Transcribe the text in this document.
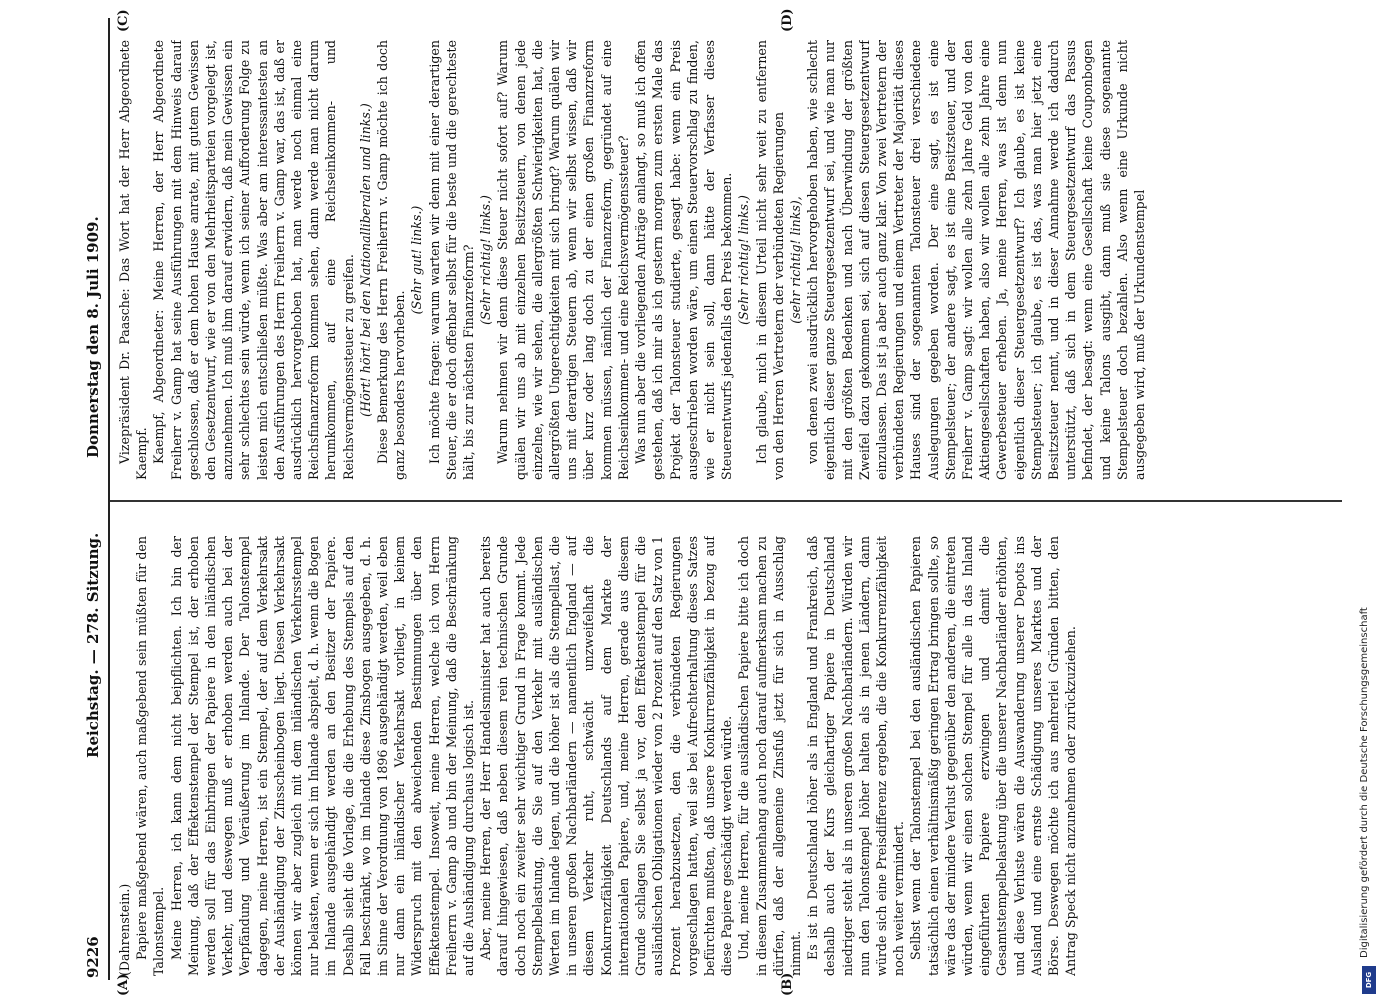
9226
Reichstag. — 278. Sitzung.
Donnerstag den 8. Juli 1909.
(A)	(B)
(C)	(D)

(Dahrenstein.) Papiere maßgebend wären, auch maßgebend sein müßten für den Talonstempel. Meine Herren, ich kann dem nicht beipflichten. Ich bin der Meinung, daß der Effektenstempel der Stempel ist, der erhoben werden soll für das Einbringen der Papiere in den inländischen Verkehr, und deswegen muß er erhoben werden auch bei der Verpfändung und Veräußerung im Inlande. Der Talonstempel dagegen, meine Herren, ist ein Stempel, der auf dem Verkehrsakt der Aushändigung der Zinsscheinbogen liegt. Diesen Verkehrsakt können wir aber zugleich mit dem inländischen Verkehrsstempel nur belasten, wenn er sich im Inlande abspielt, d. h. wenn die Bogen im Inlande ausgehändigt werden an den Besitzer der Papiere. Deshalb sieht die Vorlage, die die Erhebung des Stempels auf den Fall beschränkt, wo im Inlande diese Zinsbogen ausgegeben, d. h. im Sinne der Verordnung von 1896 ausgehändigt werden, weil eben nur dann ein inländischer Verkehrsakt vorliegt, in keinem Widerspruch mit den abweichenden Bestimmungen über den Effektenstempel. Insoweit, meine Herren, welche ich von Herrn Freiherrn v. Gamp ab und bin der Meinung, daß die Beschränkung auf die Aushändigung durchaus logisch ist. Aber, meine Herren, der Herr Handelsminister hat auch bereits darauf hingewiesen, daß neben diesem rein technischen Grunde doch noch ein zweiter sehr wichtiger Grund in Frage kommt. Jede Stempelbelastung, die Sie auf den Verkehr mit ausländischen Werten im Inlande legen, und die höher ist als die Stempellast, die in unseren großen Nachbarländern — namentlich England — auf diesem Verkehr ruht, schwächt unzweifelhaft die Konkurrenzfähigkeit Deutschlands auf dem Markte der internationalen Papiere, und, meine Herren, gerade aus diesem Grunde schlagen Sie selbst ja vor, den Effektenstempel für die ausländischen Obligationen wieder von 2 Prozent auf den Satz von 1 Prozent herabzusetzen, den die verbündeten Regierungen vorgeschlagen hatten, weil sie bei Aufrechterhaltung dieses Satzes befürchten mußten, daß unsere Konkurrenzfähigkeit in bezug auf diese Papiere geschädigt werden würde. Und, meine Herren, für die ausländischen Papiere bitte ich doch in diesem Zusammenhang auch noch darauf aufmerksam machen zu dürfen, daß der allgemeine Zinsfuß jetzt für sich in Ausschlag nimmt. Es ist in Deutschland höher als in England und Frankreich, daß deshalb auch der Kurs gleichartiger Papiere in Deutschland niedriger steht als in unseren großen Nachbarländern. Würden wir nun den Talonstempel höher halten als in jenen Ländern, dann würde sich eine Preisdifferenz ergeben, die die Konkurrenzfähigkeit noch weiter vermindert. Selbst wenn der Talonstempel bei den ausländischen Papieren tatsächlich einen verhältnismäßig geringen Ertrag bringen sollte, so wäre das der mindere Verlust gegenüber den anderen, die eintreten würden, wenn wir einen solchen Stempel für alle in das Inland eingeführten Papiere erzwingen und damit die Gesamtstempelbelastung über die unserer Nachbarländer erhöhten, und diese Verluste wären die Auswanderung unserer Depots ins Ausland und eine ernste Schädigung unseres Marktes und der Börse. Deswegen möchte ich aus mehrerlei Gründen bitten, den Antrag Speck nicht anzunehmen oder zurückzuziehen.

Vizepräsident Dr. Paasche: Das Wort hat der Herr Abgeordnete Kaempf. Kaempf, Abgeordneter: Meine Herren, der Herr Abgeordnete Freiherr v. Gamp hat seine Ausführungen mit dem Hinweis darauf geschlossen, daß er dem hohen Hause anrate, mit gutem Gewissen den Gesetzentwurf, wie er von den Mehrheitsparteien vorgelegt ist, anzunehmen. Ich muß ihm darauf erwidern, daß mein Gewissen ein sehr schlechtes sein würde, wenn ich seiner Aufforderung Folge zu leisten mich entschließen müßte. Was aber am interessantesten an den Ausführungen des Herrn Freiherrn v. Gamp war, das ist, daß er ausdrücklich hervorgehoben hat, man werde noch einmal eine Reichsfinanzreform kommen sehen, dann werde man nicht darum herumkommen, auf eine Reichseinkommen- und Reichsvermögenssteuer zu greifen. (Hört! hört! bei den Nationalliberalen und links.) Diese Bemerkung des Herrn Freiherrn v. Gamp möchte ich doch ganz besonders hervorheben.

(Sehr gut! links.) Ich möchte fragen: warum warten wir denn mit einer derartigen Steuer, die er doch offenbar selbst für die beste und die gerechteste hält, bis zur nächsten Finanzreform? (Sehr richtig! links.) Warum nehmen wir denn diese Steuer nicht sofort auf? Warum quälen wir uns ab mit einzelnen Besitzsteuern, von denen jede einzelne, wie wir sehen, die allergrößten Schwierigkeiten hat, die allergrößten Ungerechtigkeiten mit sich bringt? Warum quälen wir uns mit derartigen Steuern ab, wenn wir selbst wissen, daß wir über kurz oder lang doch zu der einen großen Finanzreform kommen müssen, nämlich der Finanzreform, gegründet auf eine Reichseinkommen- und eine Reichsvermögenssteuer? Was nun aber die vorliegenden Anträge anlangt, so muß ich offen gestehen, daß ich mir als ich gestern morgen zum ersten Male das Projekt der Talonsteuer studierte, gesagt habe: wenn ein Preis ausgeschrieben worden wäre, um einen Steuervorschlag zu finden, wie er nicht sein soll, dann hätte der Verfasser dieses Steuerentwurfs jedenfalls den Preis bekommen. (Sehr richtig! links.) Ich glaube, mich in diesem Urteil nicht sehr weit zu entfernen von den Herren Vertretern der verbündeten Regierungen (sehr richtig! links), von denen zwei ausdrücklich hervorgehoben haben, wie schlecht eigentlich dieser ganze Steuergesetzentwurf sei, und wie man nur mit den größten Bedenken und nach Überwindung der größten Zweifel dazu gekommen sei, sich auf diesen Steuergesetzentwurf einzulassen. Das ist ja aber auch ganz klar. Von zwei Vertretern der verbündeten Regierungen und einem Vertreter der Majorität dieses Hauses sind der sogenannten Talonsteuer drei verschiedene Auslegungen gegeben worden. Der eine sagt, es ist eine Stempelsteuer; der andere sagt, es ist eine Besitzsteuer, und der Freiherr v. Gamp sagt: wir wollen alle zehn Jahre Geld von den Aktiengesellschaften haben, also wir wollen alle zehn Jahre eine Gewerbesteuer erheben. Ja, meine Herren, was ist denn nun eigentlich dieser Steuergesetzentwurf? Ich glaube, es ist keine Stempelsteuer; ich glaube, es ist das, was man hier jetzt eine Besitzsteuer nennt, und in dieser Annahme werde ich dadurch unterstützt, daß sich in dem Steuergesetzentwurf das Passus befindet, der besagt: wenn eine Gesellschaft keine Couponbogen und keine Talons ausgibt, dann muß sie diese sogenannte Stempelsteuer doch bezahlen. Also wenn eine Urkunde nicht ausgegeben wird, muß der Urkundenstempel

Digitalisierung gefördert durch die Deutsche Forschungsgemeinschaft
DFG
